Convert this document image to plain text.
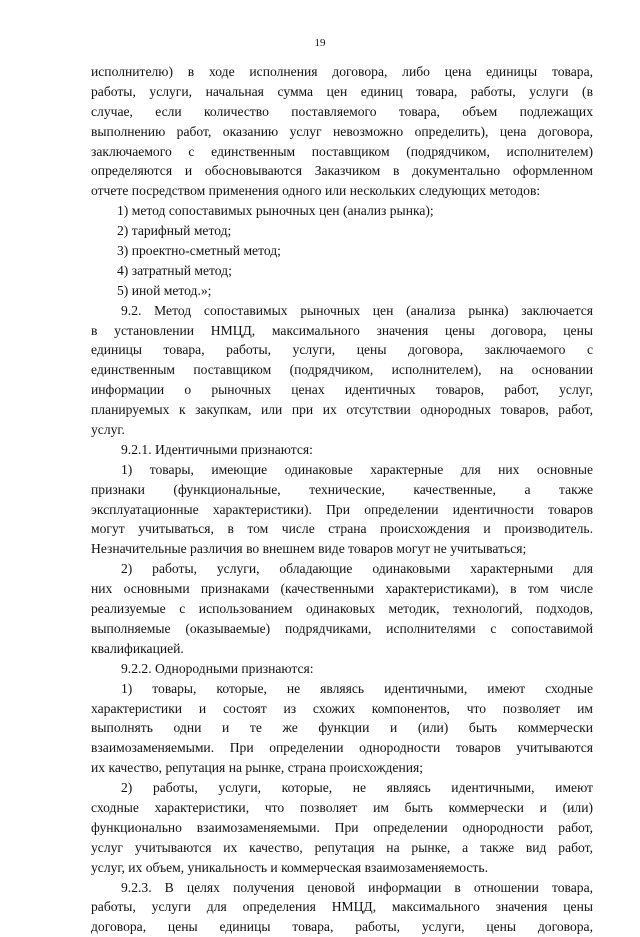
19
исполнителю) в ходе исполнения договора, либо цена единицы товара,
работы, услуги, начальная сумма цен единиц товара, работы, услуги (в
случае, если количество поставляемого товара, объем подлежащих
выполнению работ, оказанию услуг невозможно определить), цена договора,
заключаемого с единственным поставщиком (подрядчиком, исполнителем)
определяются и обосновываются Заказчиком в документально оформленном
отчете посредством применения одного или нескольких следующих методов:
1) метод сопоставимых рыночных цен (анализ рынка);
2) тарифный метод;
3) проектно-сметный метод;
4) затратный метод;
5) иной метод.»;
9.2. Метод сопоставимых рыночных цен (анализа рынка) заключается
в установлении НМЦД, максимального значения цены договора, цены
единицы товара, работы, услуги, цены договора, заключаемого с
единственным поставщиком (подрядчиком, исполнителем), на основании
информации о рыночных ценах идентичных товаров, работ, услуг,
планируемых к закупкам, или при их отсутствии однородных товаров, работ,
услуг.
9.2.1. Идентичными признаются:
1) товары, имеющие одинаковые характерные для них основные
признаки (функциональные, технические, качественные, а также
эксплуатационные характеристики). При определении идентичности товаров
могут учитываться, в том числе страна происхождения и производитель.
Незначительные различия во внешнем виде товаров могут не учитываться;
2) работы, услуги, обладающие одинаковыми характерными для
них основными признаками (качественными характеристиками), в том числе
реализуемые с использованием одинаковых методик, технологий, подходов,
выполняемые (оказываемые) подрядчиками, исполнителями с сопоставимой
квалификацией.
9.2.2. Однородными признаются:
1) товары, которые, не являясь идентичными, имеют сходные
характеристики и состоят из схожих компонентов, что позволяет им
выполнять одни и те же функции и (или) быть коммерчески
взаимозаменяемыми. При определении однородности товаров учитываются
их качество, репутация на рынке, страна происхождения;
2) работы, услуги, которые, не являясь идентичными, имеют
сходные характеристики, что позволяет им быть коммерчески и (или)
функционально взаимозаменяемыми. При определении однородности работ,
услуг учитываются их качество, репутация на рынке, а также вид работ,
услуг, их объем, уникальность и коммерческая взаимозаменяемость.
9.2.3. В целях получения ценовой информации в отношении товара,
работы, услуги для определения НМЦД, максимального значения цены
договора, цены единицы товара, работы, услуги, цены договора,
